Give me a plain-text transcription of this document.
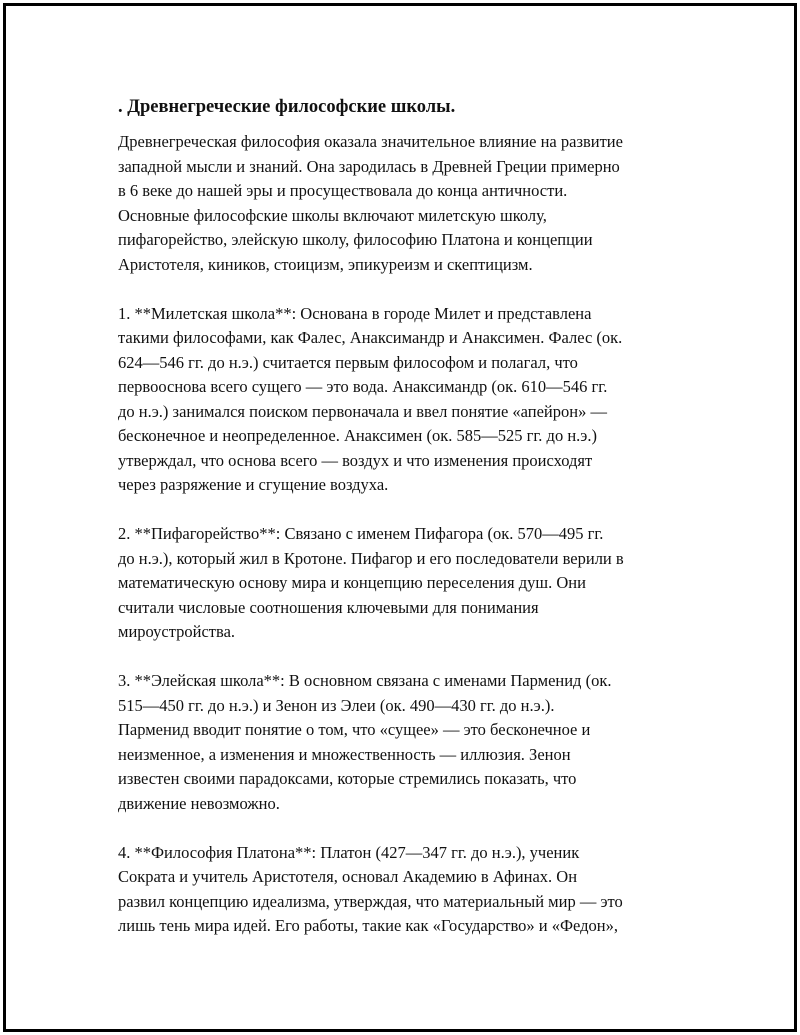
. Древнегреческие философские школы.

Древнегреческая философия оказала значительное влияние на развитие
западной мысли и знаний. Она зародилась в Древней Греции примерно
в 6 веке до нашей эры и просуществовала до конца античности.
Основные философские школы включают милетскую школу,
пифагорейство, элейскую школу, философию Платона и концепции
Аристотеля, киников, стоицизм, эпикуреизм и скептицизм.

1. **Милетская школа**: Основана в городе Милет и представлена
такими философами, как Фалес, Анаксимандр и Анаксимен. Фалес (ок.
624—546 гг. до н.э.) считается первым философом и полагал, что
первооснова всего сущего — это вода. Анаксимандр (ок. 610—546 гг.
до н.э.) занимался поиском первоначала и ввел понятие «апейрон» —
бесконечное и неопределенное. Анаксимен (ок. 585—525 гг. до н.э.)
утверждал, что основа всего — воздух и что изменения происходят
через разряжение и сгущение воздуха.

2. **Пифагорейство**: Связано с именем Пифагора (ок. 570—495 гг.
до н.э.), который жил в Кротоне. Пифагор и его последователи верили в
математическую основу мира и концепцию переселения душ. Они
считали числовые соотношения ключевыми для понимания
мироустройства.

3. **Элейская школа**: В основном связана с именами Парменид (ок.
515—450 гг. до н.э.) и Зенон из Элеи (ок. 490—430 гг. до н.э.).
Парменид вводит понятие о том, что «сущее» — это бесконечное и
неизменное, а изменения и множественность — иллюзия. Зенон
известен своими парадоксами, которые стремились показать, что
движение невозможно.

4. **Философия Платона**: Платон (427—347 гг. до н.э.), ученик
Сократа и учитель Аристотеля, основал Академию в Афинах. Он
развил концепцию идеализма, утверждая, что материальный мир — это
лишь тень мира идей. Его работы, такие как «Государство» и «Федон»,
